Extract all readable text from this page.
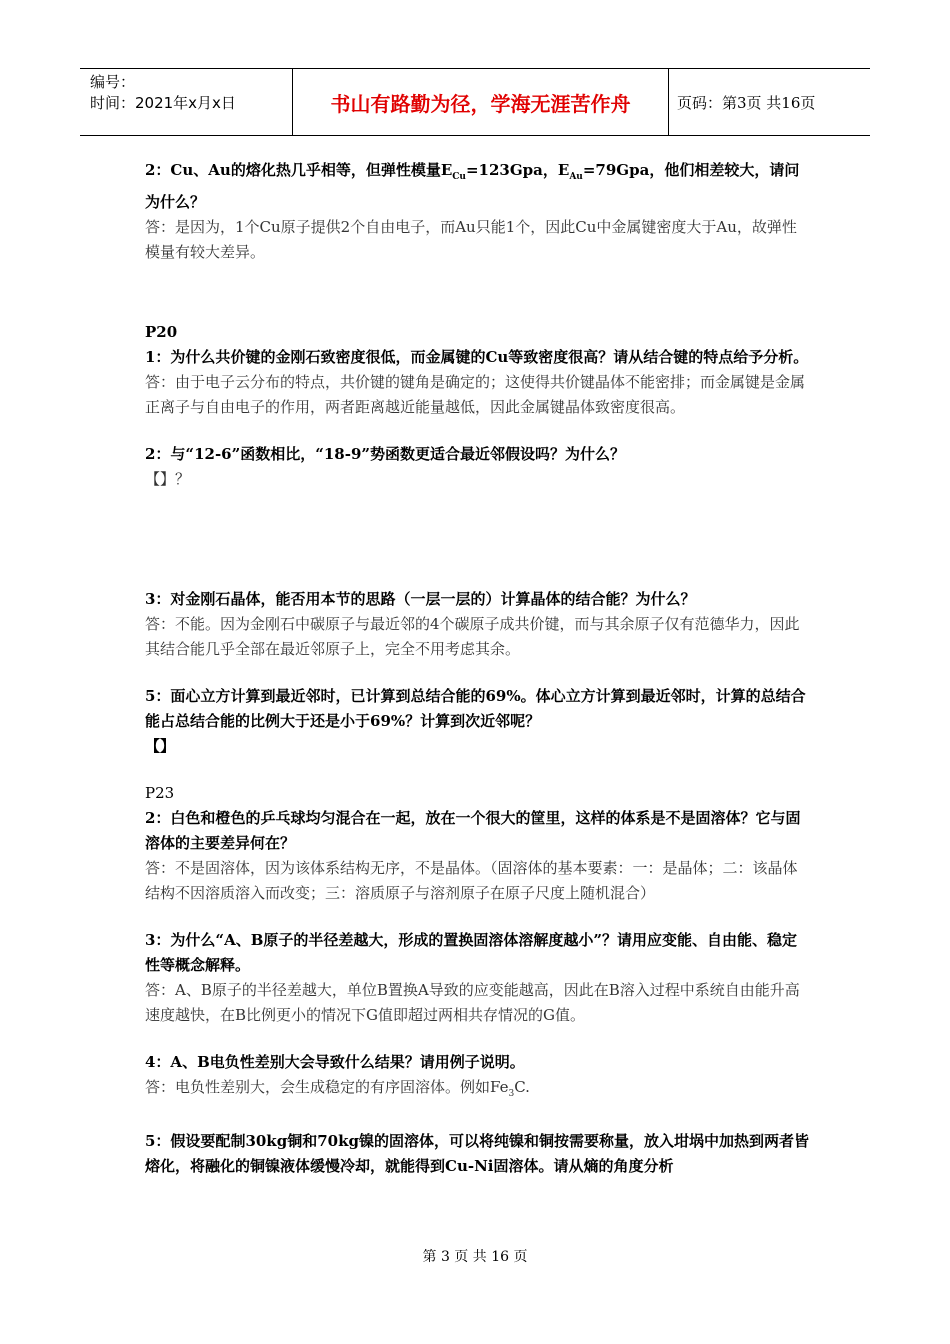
编号：
时间：2021年x月x日	书山有路勤为径，学海无涯苦作舟	页码：第3页 共16页

2：Cu、Au的熔化热几乎相等，但弹性模量$E_{Cu}=123Gpa$，$E_{Au}=79Gpa$，他们相差较大，请问为什么？

答：是因为，1个Cu原子提供2个自由电子，而Au只能1个，因此Cu中金属键密度大于Au，故弹性模量有较大差异。

P20

1：为什么共价键的金刚石致密度很低，而金属键的Cu等致密度很高？请从结合键的特点给予分析。

答：由于电子云分布的特点，共价键的键角是确定的；这使得共价键晶体不能密排；而金属键是金属正离子与自由电子的作用，两者距离越近能量越低，因此金属键晶体致密度很高。

2：与“12-6”函数相比，“18-9”势函数更适合最近邻假设吗？为什么？

【】？

3：对金刚石晶体，能否用本节的思路（一层一层的）计算晶体的结合能？为什么？

答：不能。因为金刚石中碳原子与最近邻的4个碳原子成共价键，而与其余原子仅有范德华力，因此其结合能几乎全部在最近邻原子上，完全不用考虑其余。

5：面心立方计算到最近邻时，已计算到总结合能的69%。体心立方计算到最近邻时，计算的总结合能占总结合能的比例大于还是小于69%？计算到次近邻呢？

【】

P23

2：白色和橙色的乒乓球均匀混合在一起，放在一个很大的筐里，这样的体系是不是固溶体？它与固溶体的主要差异何在？

答：不是固溶体，因为该体系结构无序，不是晶体。（固溶体的基本要素：一：是晶体；二：该晶体结构不因溶质溶入而改变；三：溶质原子与溶剂原子在原子尺度上随机混合）

3：为什么“A、B原子的半径差越大，形成的置换固溶体溶解度越小”？请用应变能、自由能、稳定性等概念解释。

答：A、B原子的半径差越大，单位B置换A导致的应变能越高，因此在B溶入过程中系统自由能升高速度越快，在B比例更小的情况下G值即超过两相共存情况的G值。

4：A、B电负性差别大会导致什么结果？请用例子说明。

答：电负性差别大，会生成稳定的有序固溶体。例如$Fe_3C$.

5：假设要配制30kg铜和70kg镍的固溶体，可以将纯镍和铜按需要称量，放入坩埚中加热到两者皆熔化，将融化的铜镍液体缓慢冷却，就能得到Cu-Ni固溶体。请从熵的角度分析

第 3 页 共 16 页
